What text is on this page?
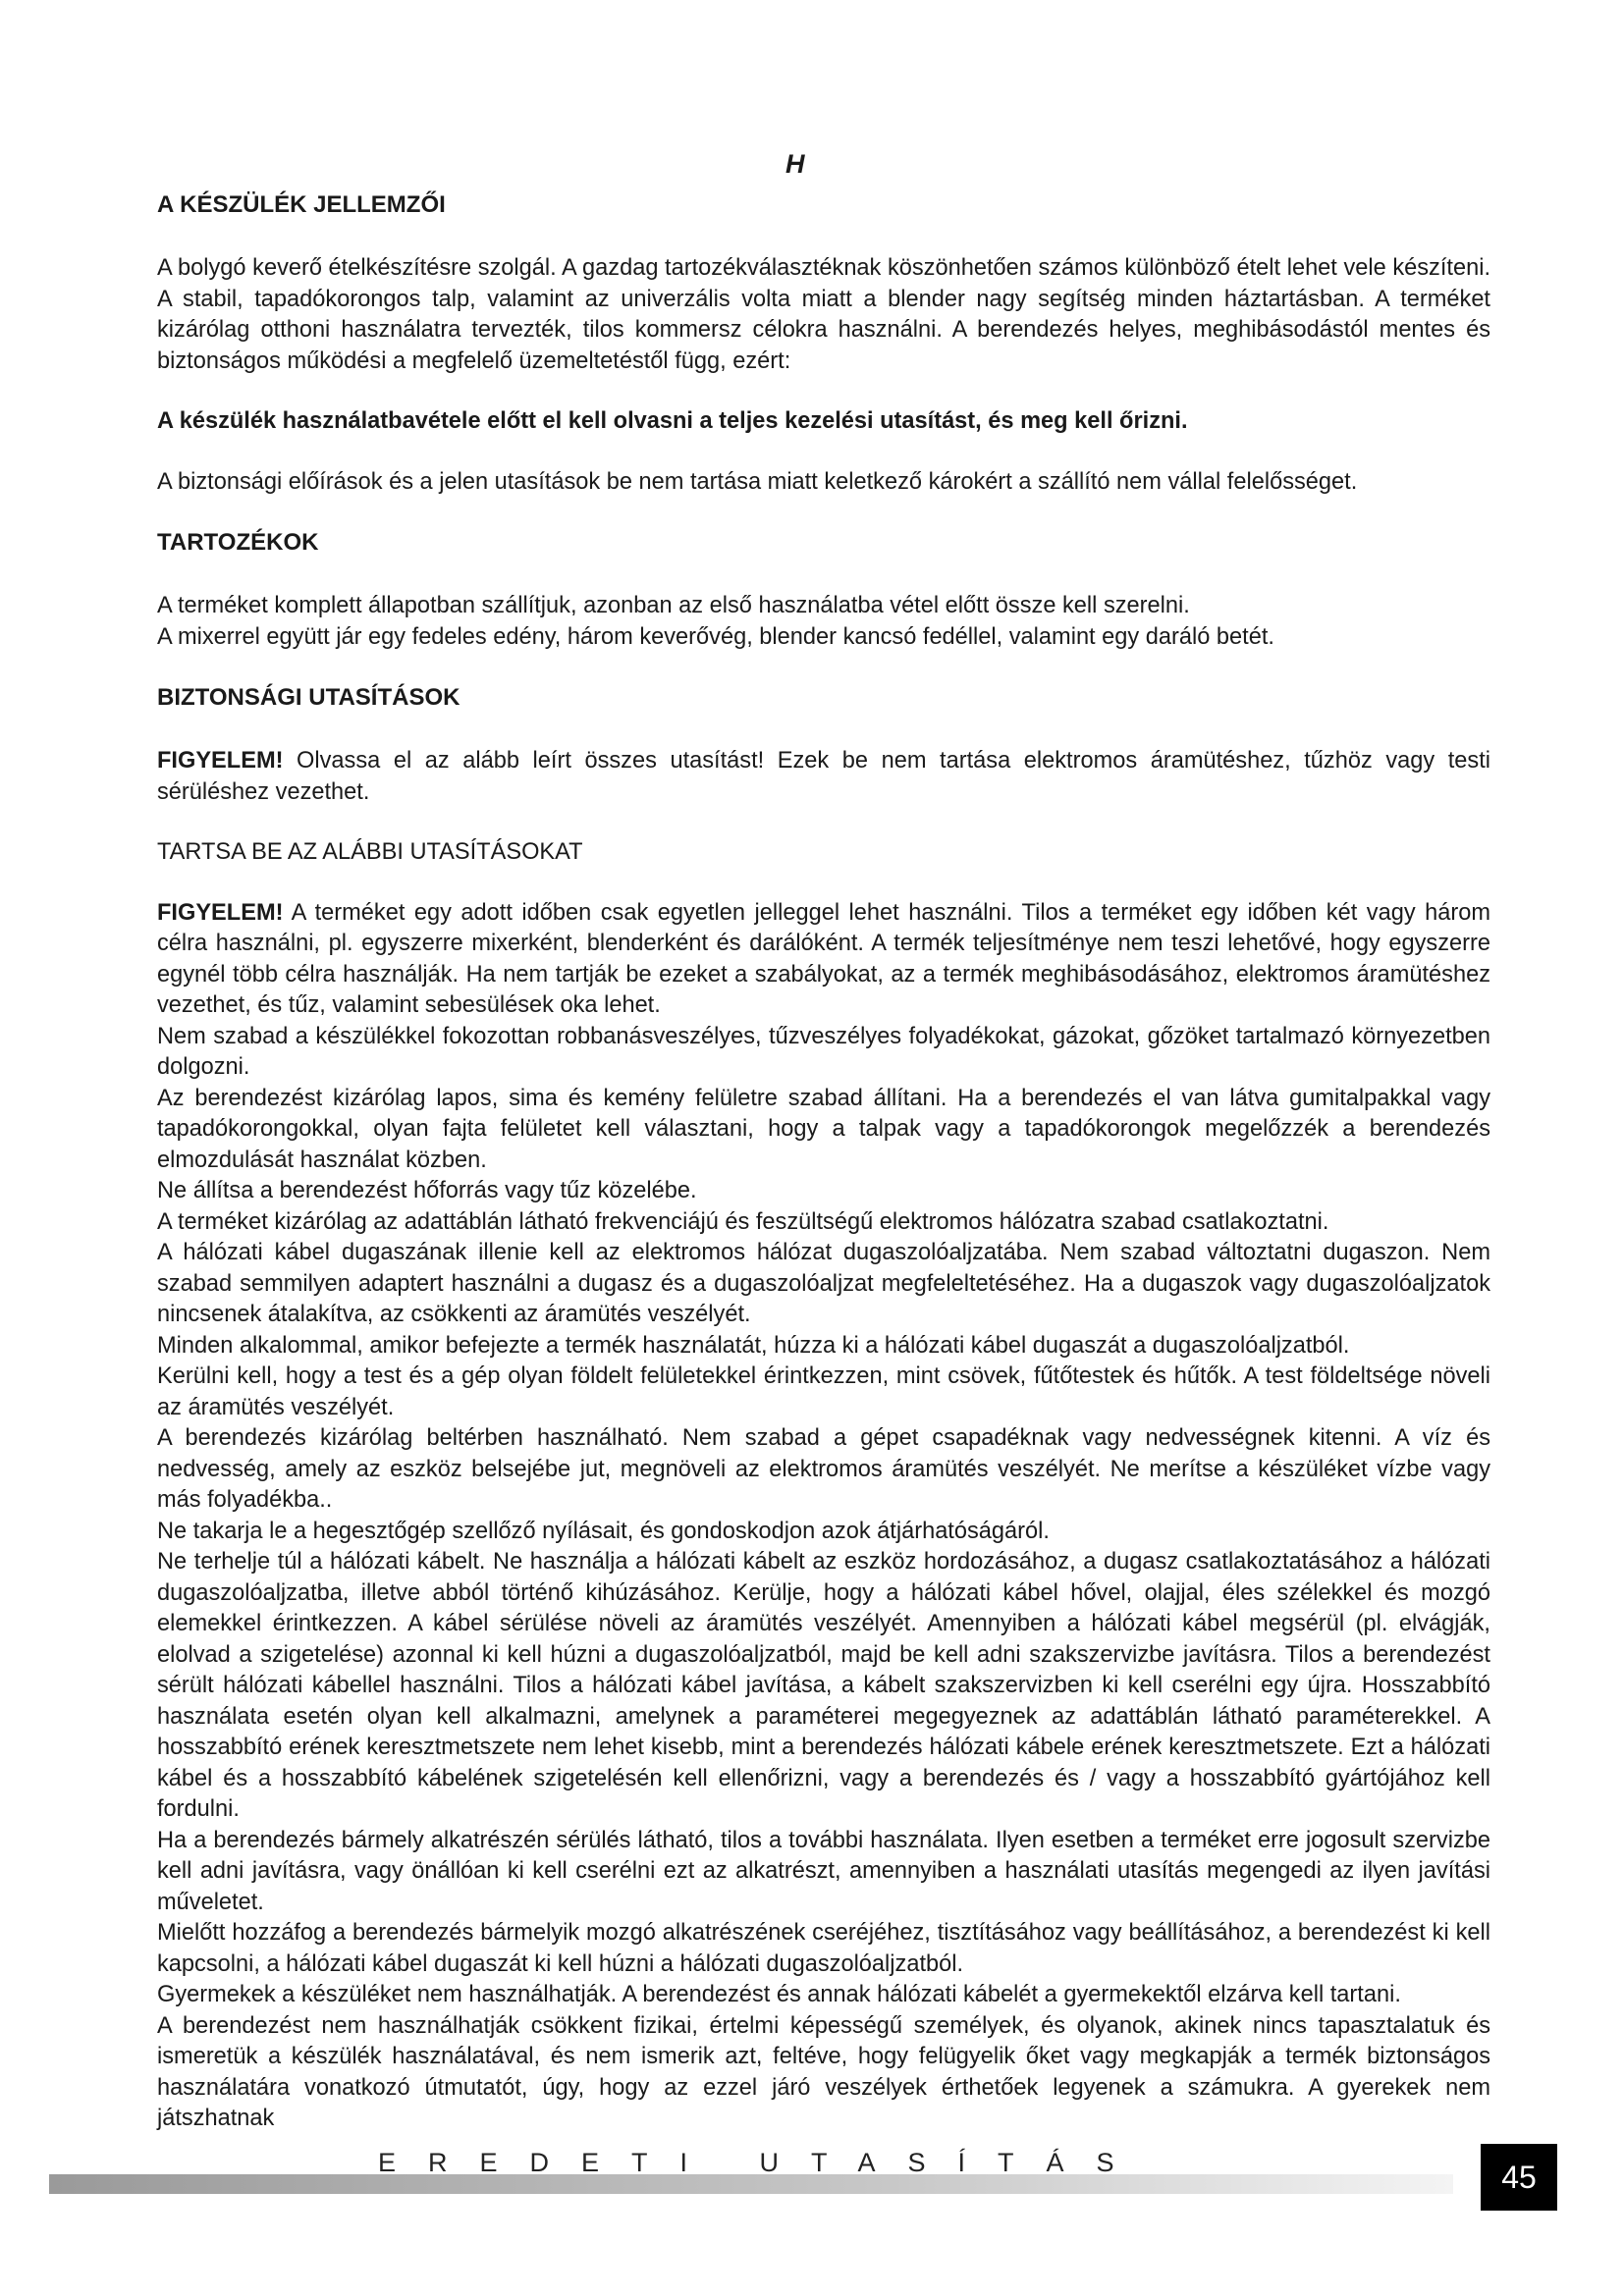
H
A KÉSZÜLÉK JELLEMZŐI

A bolygó keverő ételkészítésre szolgál. A gazdag tartozékválasztéknak köszönhetően számos különböző ételt lehet vele készíteni. A stabil, tapadókorongos talp, valamint az univerzális volta miatt a blender nagy segítség minden háztartásban. A terméket kizárólag otthoni használatra tervezték, tilos kommersz célokra használni. A berendezés helyes, meghibásodástól mentes és biztonságos működési a megfelelő üzemeltetéstől függ, ezért:

A készülék használatbavétele előtt el kell olvasni a teljes kezelési utasítást, és meg kell őrizni.

A biztonsági előírások és a jelen utasítások be nem tartása miatt keletkező károkért a szállító nem vállal felelősséget.

TARTOZÉKOK

A terméket komplett állapotban szállítjuk, azonban az első használatba vétel előtt össze kell szerelni.

A mixerrel együtt jár egy fedeles edény, három keverővég, blender kancsó fedéllel, valamint egy daráló betét.

BIZTONSÁGI UTASÍTÁSOK

FIGYELEM! Olvassa el az alább leírt összes utasítást! Ezek be nem tartása elektromos áramütéshez, tűzhöz vagy testi sérüléshez vezethet.

TARTSA BE AZ ALÁBBI UTASÍTÁSOKAT

FIGYELEM! A terméket egy adott időben csak egyetlen jelleggel lehet használni. Tilos a terméket egy időben két vagy három célra használni, pl. egyszerre mixerként, blenderként és darálóként. A termék teljesítménye nem teszi lehetővé, hogy egyszerre egynél több célra használják. Ha nem tartják be ezeket a szabályokat, az a termék meghibásodásához, elektromos áramütéshez vezethet, és tűz, valamint sebesülések oka lehet.

Nem szabad a készülékkel fokozottan robbanásveszélyes, tűzveszélyes folyadékokat, gázokat, gőzöket tartalmazó környezetben dolgozni.

Az berendezést kizárólag lapos, sima és kemény felületre szabad állítani. Ha a berendezés el van látva gumitalpakkal vagy tapadókorongokkal, olyan fajta felületet kell választani, hogy a talpak vagy a tapadókorongok megelőzzék a berendezés elmozdulását használat közben.

Ne állítsa a berendezést hőforrás vagy tűz közelébe.

A terméket kizárólag az adattáblán látható frekvenciájú és feszültségű elektromos hálózatra szabad csatlakoztatni.

A hálózati kábel dugaszának illenie kell az elektromos hálózat dugaszolóaljzatába. Nem szabad változtatni dugaszon. Nem szabad semmilyen adaptert használni a dugasz és a dugaszolóaljzat megfeleltetéséhez. Ha a dugaszok vagy dugaszolóaljzatok nincsenek átalakítva, az csökkenti az áramütés veszélyét.

Minden alkalommal, amikor befejezte a termék használatát, húzza ki a hálózati kábel dugaszát a dugaszolóaljzatból.

Kerülni kell, hogy a test és a gép olyan földelt felületekkel érintkezzen, mint csövek, fűtőtestek és hűtők. A test földeltsége növeli az áramütés veszélyét.

A berendezés kizárólag beltérben használható. Nem szabad a gépet csapadéknak vagy nedvességnek kitenni. A víz és nedvesség, amely az eszköz belsejébe jut, megnöveli az elektromos áramütés veszélyét. Ne merítse a készüléket vízbe vagy más folyadékba..

Ne takarja le a hegesztőgép szellőző nyílásait, és gondoskodjon azok átjárhatóságáról.

Ne terhelje túl a hálózati kábelt. Ne használja a hálózati kábelt az eszköz hordozásához, a dugasz csatlakoztatásához a hálózati dugaszolóaljzatba, illetve abból történő kihúzásához. Kerülje, hogy a hálózati kábel hővel, olajjal, éles szélekkel és mozgó elemekkel érintkezzen. A kábel sérülése növeli az áramütés veszélyét. Amennyiben a hálózati kábel megsérül (pl. elvágják, elolvad a szigetelése) azonnal ki kell húzni a dugaszolóaljzatból, majd be kell adni szakszervizbe javításra. Tilos a berendezést sérült hálózati kábellel használni. Tilos a hálózati kábel javítása, a kábelt szakszervizben ki kell cserélni egy újra. Hosszabbító használata esetén olyan kell alkalmazni, amelynek a paraméterei megegyeznek az adattáblán látható paraméterekkel. A hosszabbító erének keresztmetszete nem lehet kisebb, mint a berendezés hálózati kábele erének keresztmetszete. Ezt a hálózati kábel és a hosszabbító kábelének szigetelésén kell ellenőrizni, vagy a berendezés és / vagy a hosszabbító gyártójához kell fordulni.

Ha a berendezés bármely alkatrészén sérülés látható, tilos a további használata. Ilyen esetben a terméket erre jogosult szervizbe kell adni javításra, vagy önállóan ki kell cserélni ezt az alkatrészt, amennyiben a használati utasítás megengedi az ilyen javítási műveletet.

Mielőtt hozzáfog a berendezés bármelyik mozgó alkatrészének cseréjéhez, tisztításához vagy beállításához, a berendezést ki kell kapcsolni, a hálózati kábel dugaszát ki kell húzni a hálózati dugaszolóaljzatból.

Gyermekek a készüléket nem használhatják. A berendezést és annak hálózati kábelét a gyermekektől elzárva kell tartani.

A berendezést nem használhatják csökkent fizikai, értelmi képességű személyek, és olyanok, akinek nincs tapasztalatuk és ismeretük a készülék használatával, és nem ismerik azt, feltéve, hogy felügyelik őket vagy megkapják a termék biztonságos használatára vonatkozó útmutatót, úgy, hogy az ezzel járó veszélyek érthetőek legyenek a számukra. A gyerekek nem játszhatnak

EREDETI UTASÍTÁS	45
